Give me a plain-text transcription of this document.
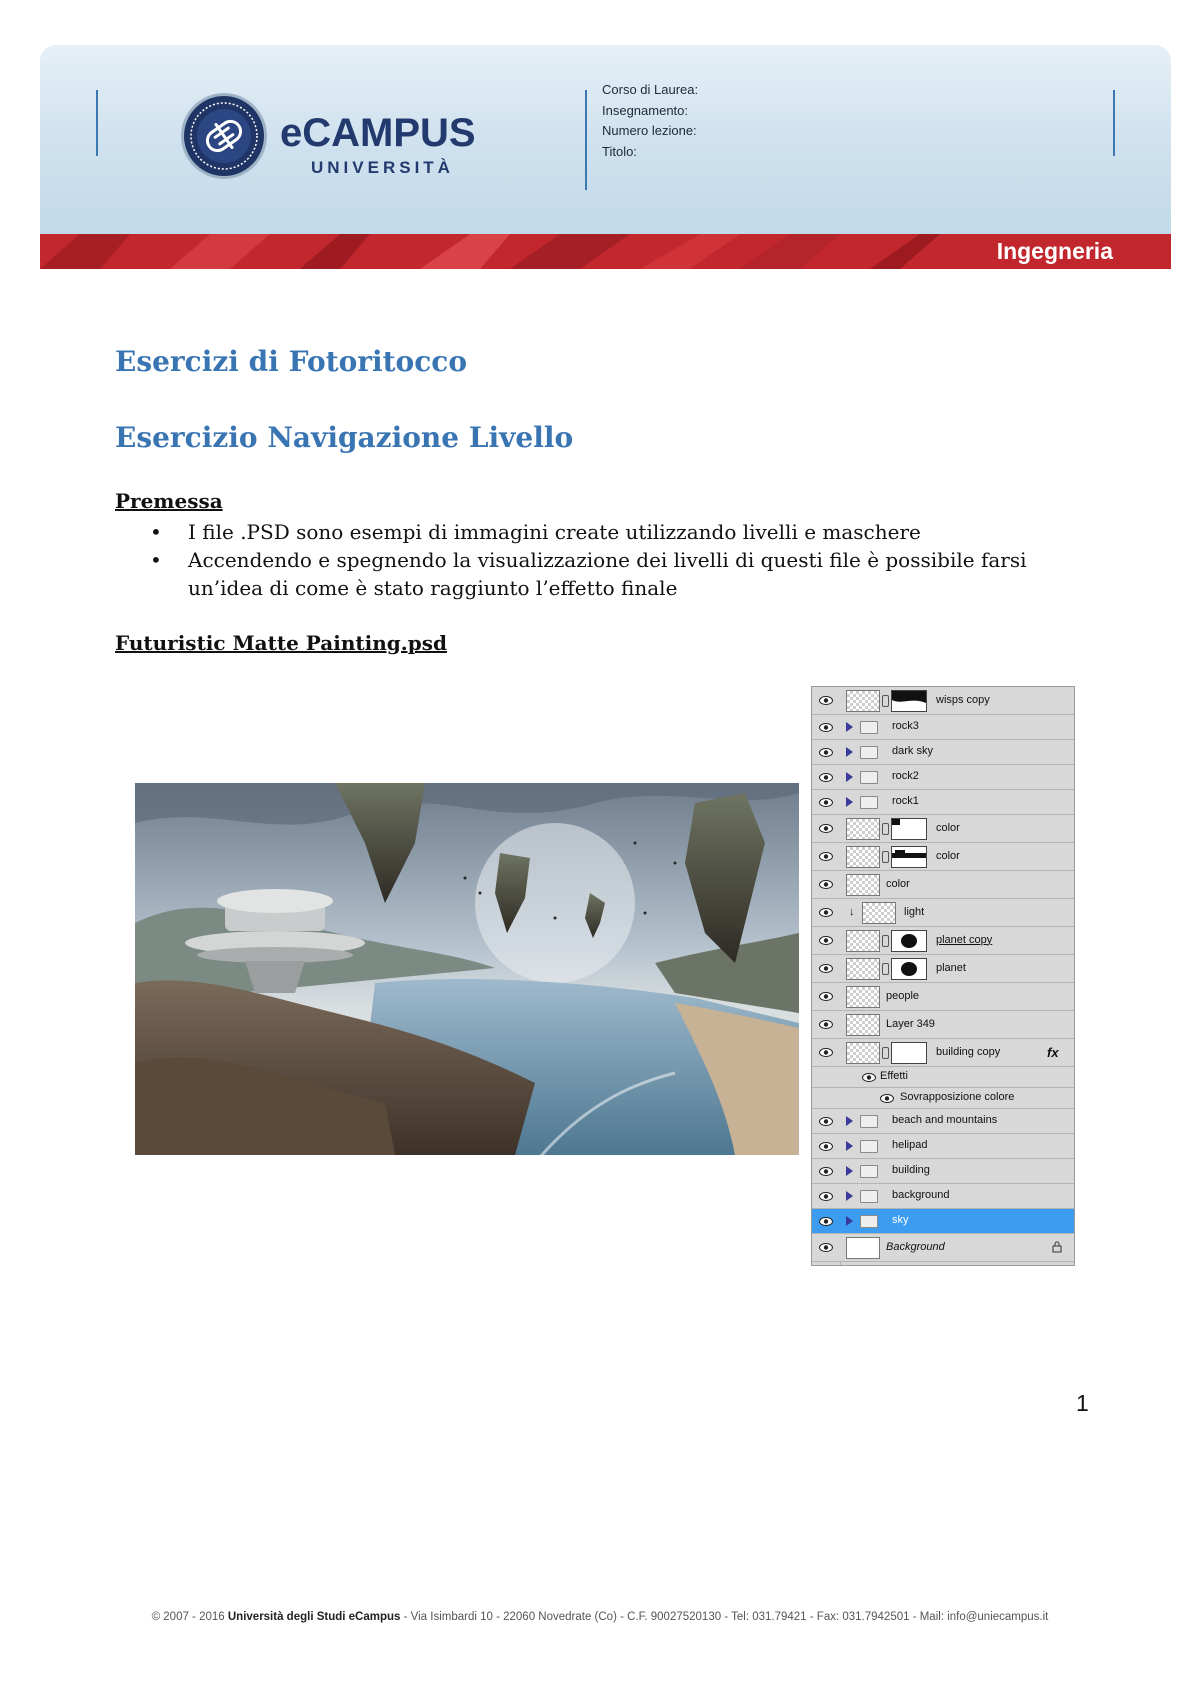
eCAMPUS
UNIVERSITÀ
Corso di Laurea:
Insegnamento:
Numero lezione:
Titolo:
Ingegneria
Esercizi di Fotoritocco
Esercizio Navigazione Livello
Premessa
• I file .PSD sono esempi di immagini create utilizzando livelli e maschere
• Accendendo e spegnendo la visualizzazione dei livelli di questi file è possibile farsi un’idea di come è stato raggiunto l’effetto finale
Futuristic Matte Painting.psd
wisps copy
rock3
dark sky
rock2
rock1
color
color
color
↓	light
planet copy
planet
people
Layer 349
building copy	fx
Effetti
Sovrapposizione colore
beach and mountains
helipad
building
background
sky
Background
1
© 2007 - 2016 Università degli Studi eCampus - Via Isimbardi 10 - 22060 Novedrate (Co) - C.F. 90027520130 - Tel: 031.79421 - Fax: 031.7942501 - Mail: info@uniecampus.it
